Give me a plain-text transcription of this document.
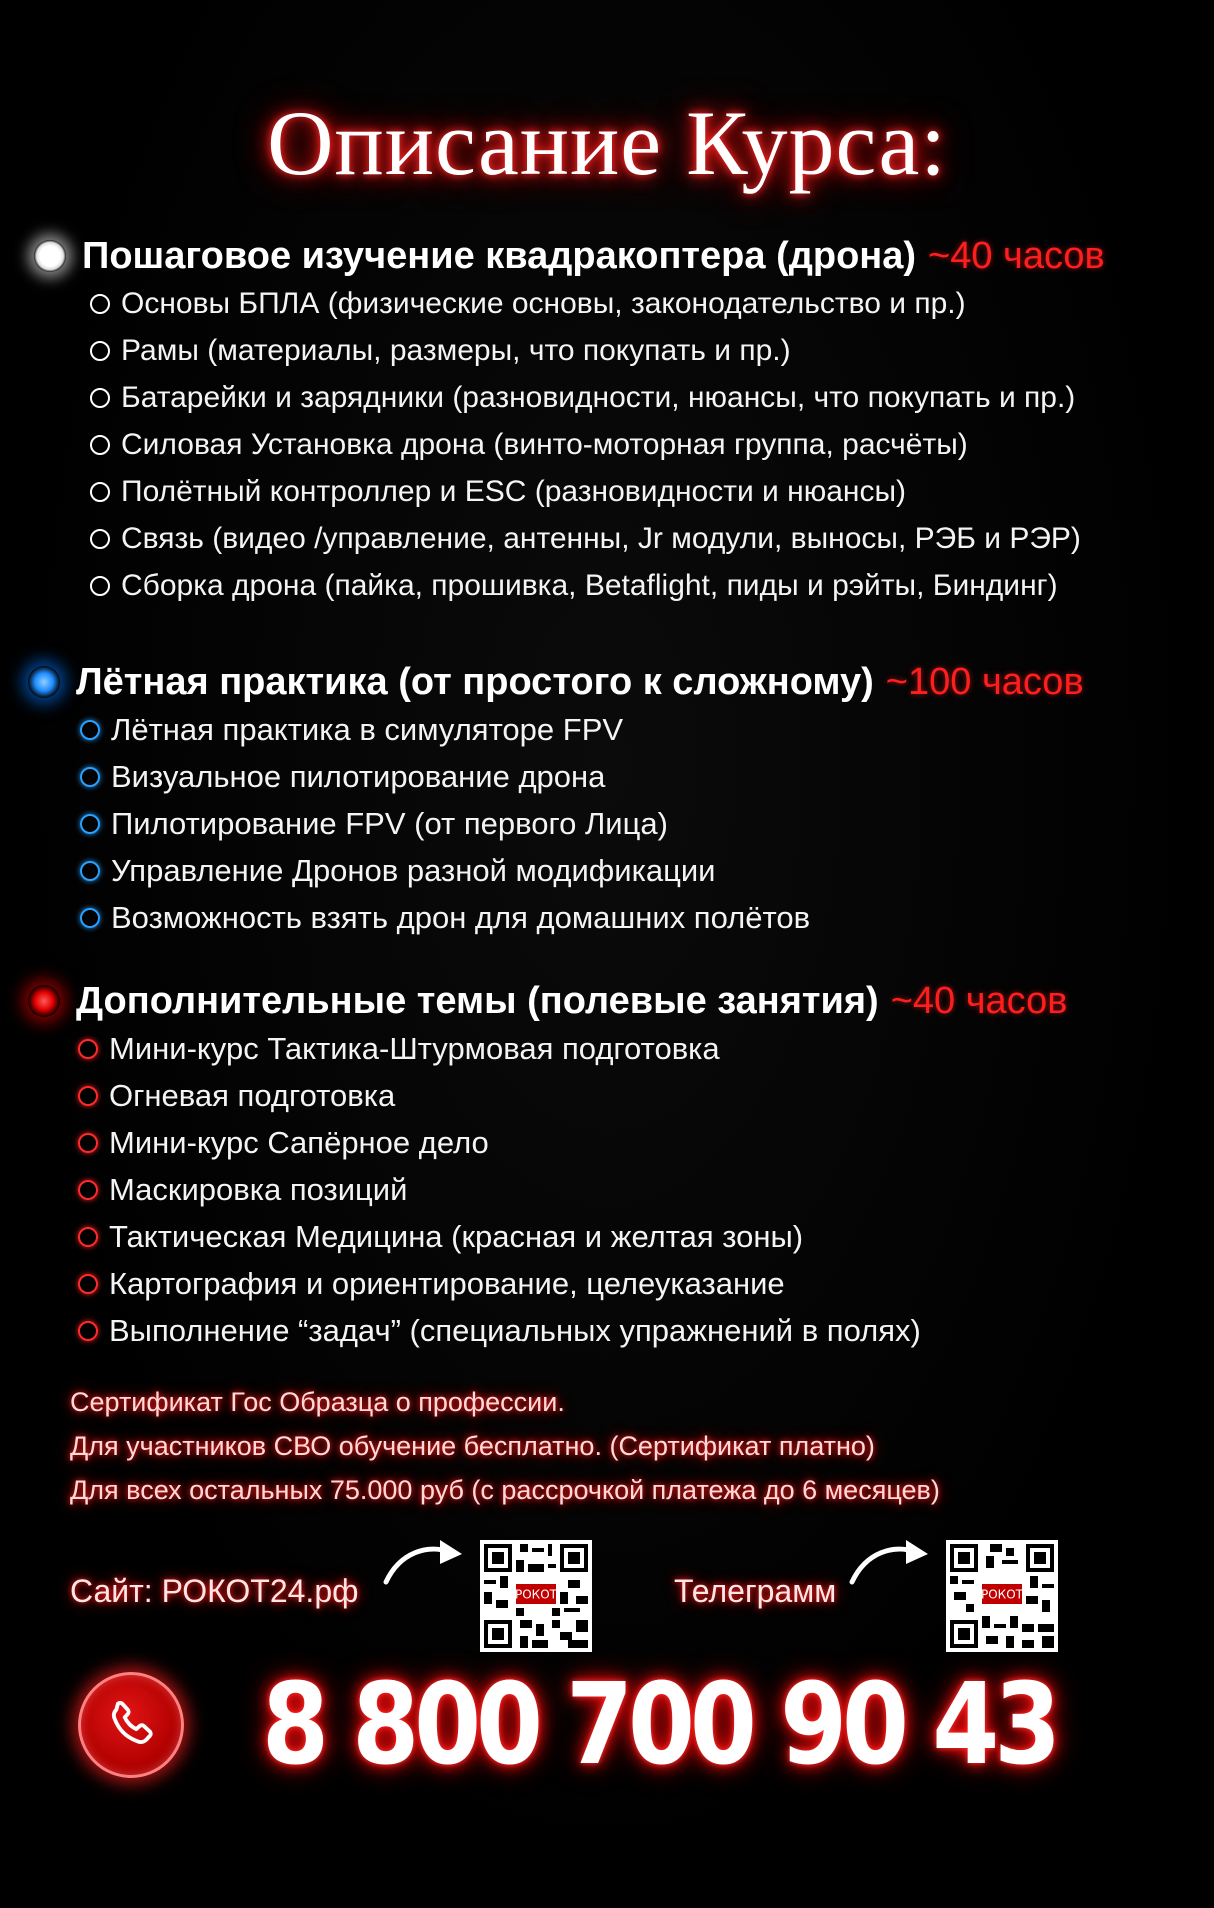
Описание Курса:
Пошаговое изучение квадракоптера (дрона) ~40 часов
Основы БПЛА (физические основы, законодательство и пр.)
Рамы (материалы, размеры, что покупать и пр.)
Батарейки и зарядники (разновидности, нюансы, что покупать и пр.)
Силовая Установка дрона (винто-моторная группа, расчёты)
Полётный контроллер и ESC (разновидности и нюансы)
Связь (видео /управление, антенны, Jr модули, выносы, РЭБ и РЭР)
Сборка дрона (пайка, прошивка, Betaflight, пиды и рэйты, Биндинг)
Лётная практика (от простого к сложному) ~100 часов
Лётная практика в симуляторе FPV
Визуальное пилотирование дрона
Пилотирование FPV (от первого Лица)
Управление Дронов разной модификации
Возможность взять дрон для домашних полётов
Дополнительные темы (полевые занятия) ~40 часов
Мини-курс Тактика-Штурмовая подготовка
Огневая подготовка
Мини-курс Сапёрное дело
Маскировка позиций
Тактическая Медицина (красная и желтая зоны)
Картография и ориентирование, целеуказание
Выполнение “задач” (специальных упражнений в полях)
Сертификат Гос Образца о профессии.
Для участников СВО обучение бесплатно. (Сертификат платно)
Для всех остальных 75.000 руб (с рассрочкой платежа до 6 месяцев)
Сайт: РОКОТ24.рф	РОКОТ	Телеграмм	РОКОТ
8 800 700 90 43
